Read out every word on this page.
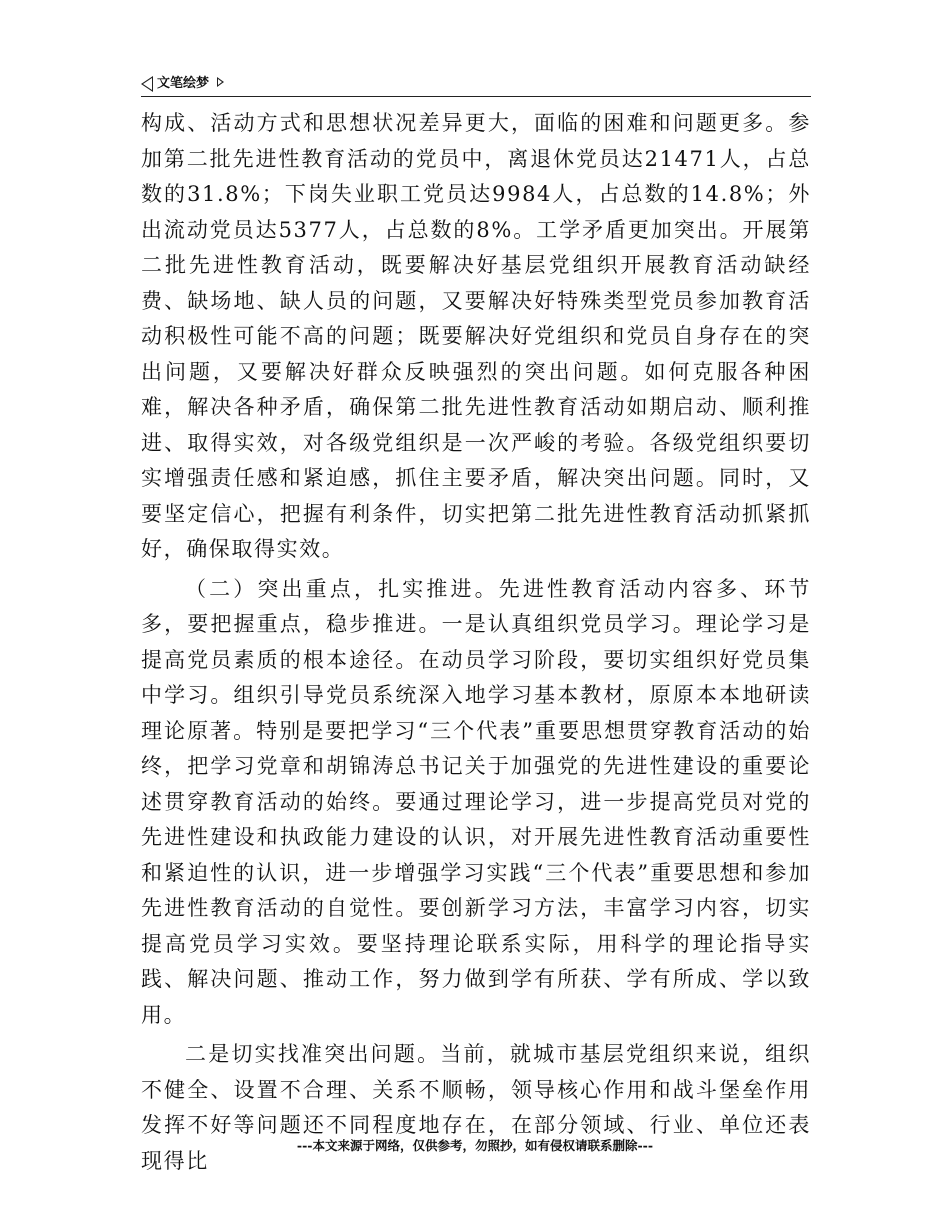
文笔绘梦

构成、活动方式和思想状况差异更大，面临的困难和问题更多。参加第二批先进性教育活动的党员中，离退休党员达21471人，占总数的31.8%；下岗失业职工党员达9984人，占总数的14.8%；外出流动党员达5377人，占总数的8%。工学矛盾更加突出。开展第二批先进性教育活动，既要解决好基层党组织开展教育活动缺经费、缺场地、缺人员的问题，又要解决好特殊类型党员参加教育活动积极性可能不高的问题；既要解决好党组织和党员自身存在的突出问题，又要解决好群众反映强烈的突出问题。如何克服各种困难，解决各种矛盾，确保第二批先进性教育活动如期启动、顺利推进、取得实效，对各级党组织是一次严峻的考验。各级党组织要切实增强责任感和紧迫感，抓住主要矛盾，解决突出问题。同时，又要坚定信心，把握有利条件，切实把第二批先进性教育活动抓紧抓好，确保取得实效。

（二）突出重点，扎实推进。先进性教育活动内容多、环节多，要把握重点，稳步推进。一是认真组织党员学习。理论学习是提高党员素质的根本途径。在动员学习阶段，要切实组织好党员集中学习。组织引导党员系统深入地学习基本教材，原原本本地研读理论原著。特别是要把学习“三个代表”重要思想贯穿教育活动的始终，把学习党章和胡锦涛总书记关于加强党的先进性建设的重要论述贯穿教育活动的始终。要通过理论学习，进一步提高党员对党的先进性建设和执政能力建设的认识，对开展先进性教育活动重要性和紧迫性的认识，进一步增强学习实践“三个代表”重要思想和参加先进性教育活动的自觉性。要创新学习方法，丰富学习内容，切实提高党员学习实效。要坚持理论联系实际，用科学的理论指导实践、解决问题、推动工作，努力做到学有所获、学有所成、学以致用。

二是切实找准突出问题。当前，就城市基层党组织来说，组织不健全、设置不合理、关系不顺畅，领导核心作用和战斗堡垒作用发挥不好等问题还不同程度地存在，在部分领域、行业、单位还表现得比

---本文来源于网络，仅供参考，勿照抄，如有侵权请联系删除---
